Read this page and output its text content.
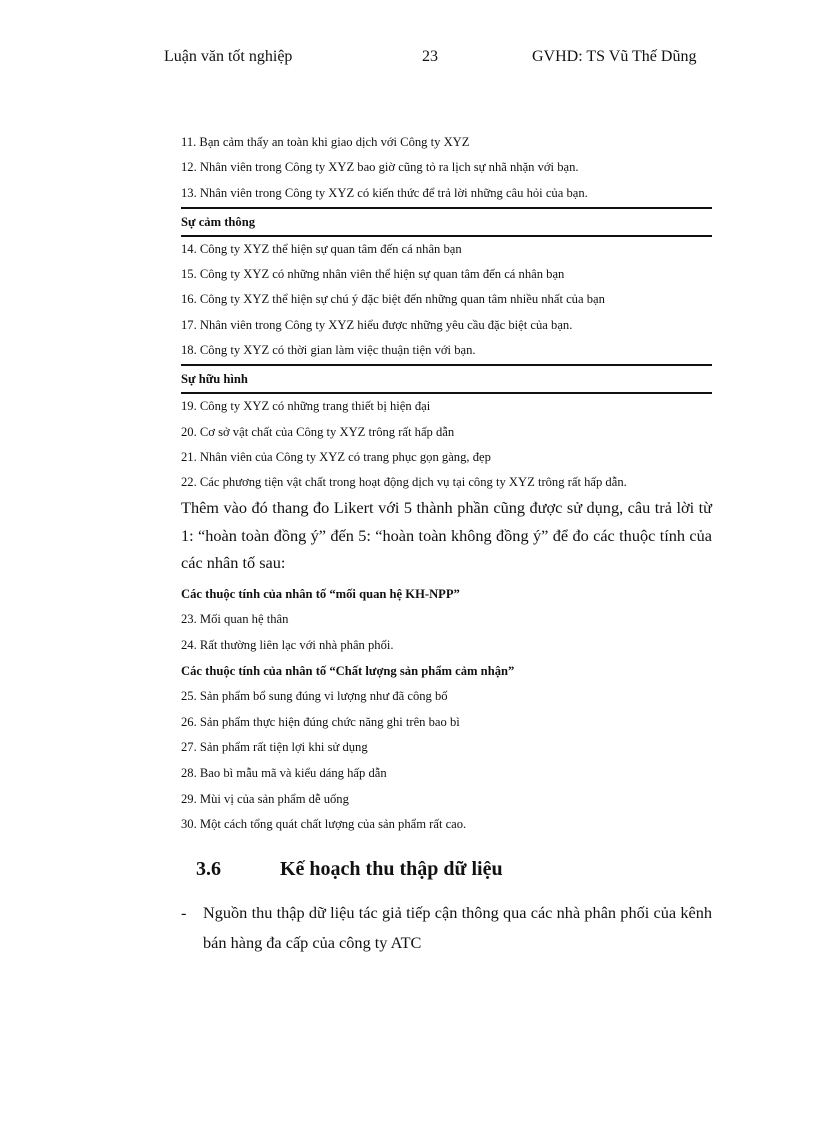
Luận văn tốt nghiệp	23	GVHD: TS Vũ Thế Dũng
11. Bạn cảm thấy an toàn khi giao dịch với Công ty XYZ
12. Nhân viên trong Công ty XYZ bao giờ cũng tỏ ra lịch sự nhã nhặn với bạn.
13. Nhân viên trong Công ty XYZ có kiến thức để trả lời những câu hỏi của bạn.
Sự cảm thông
14. Công ty XYZ thể hiện sự quan tâm đến cá nhân bạn
15. Công ty XYZ có những nhân viên thể hiện sự quan tâm đến cá nhân bạn
16. Công ty XYZ thể hiện sự chú ý đặc biệt đến những quan tâm nhiều nhất của bạn
17. Nhân viên trong Công ty XYZ hiểu được những yêu cầu đặc biệt của bạn.
18. Công ty XYZ có thời gian làm việc thuận tiện với bạn.
Sự hữu hình
19. Công ty XYZ có những trang thiết bị hiện đại
20. Cơ sở vật chất của Công ty XYZ trông rất hấp dẫn
21. Nhân viên của Công ty XYZ có trang phục gọn gàng, đẹp
22. Các phương tiện vật chất trong hoạt động dịch vụ tại công ty XYZ trông rất hấp dẫn.

Thêm vào đó thang đo Likert với 5 thành phần cũng được sử dụng, câu trả lời từ 1: “hoàn toàn đồng ý” đến 5: “hoàn toàn không đồng ý” để đo các thuộc tính của các nhân tố sau:

Các thuộc tính của nhân tố “mối quan hệ KH-NPP”
23. Mối quan hệ thân
24. Rất thường liên lạc với nhà phân phối.
Các thuộc tính của nhân tố “Chất lượng sản phẩm cảm nhận”
25. Sản phẩm bổ sung đúng vi lượng như đã công bố
26. Sản phẩm thực hiện đúng chức năng ghi trên bao bì
27. Sản phẩm rất tiện lợi khi sử dụng
28. Bao bì mẫu mã và kiểu dáng hấp dẫn
29. Mùi vị của sản phẩm dễ uống
30. Một cách tổng quát chất lượng của sản phẩm rất cao.
3.6	Kế hoạch thu thập dữ liệu
- Nguồn thu thập dữ liệu tác giả tiếp cận thông qua các nhà phân phối của kênh bán hàng đa cấp của công ty ATC
